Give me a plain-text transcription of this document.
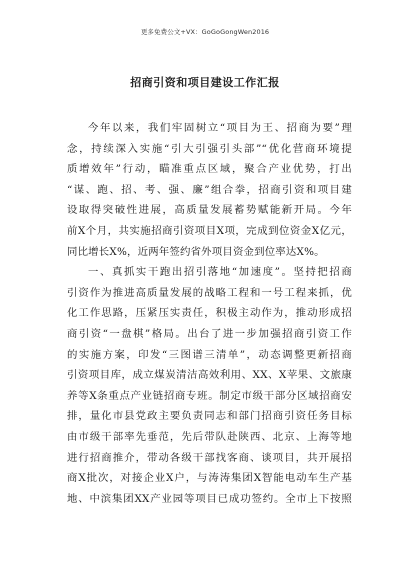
更多免费公文+VX：GoGoGongWen2016
招商引资和项目建设工作汇报
今年以来，我们牢固树立“项目为王、招商为要”理
念，持续深入实施“引大引强引头部”“优化营商环境提
质增效年”行动，瞄准重点区域，聚合产业优势，打出
“谋、跑、招、考、强、廉”组合拳，招商引资和项目建
设取得突破性进展，高质量发展蓄势赋能新开局。今年
前X个月，共实施招商引资项目X项，完成到位资金X亿元，
同比增长X%，近两年签约省外项目资金到位率达X%。
一、真抓实干跑出招引落地“加速度”。坚持把招商
引资作为推进高质量发展的战略工程和一号工程来抓，优
化工作思路，压紧压实责任，积极主动作为，推动形成招
商引资“一盘棋”格局。出台了进一步加强招商引资工作
的实施方案，印发“三图谱三清单”，动态调整更新招商
引资项目库，成立煤炭清洁高效利用、XX、X苹果、文旅康
养等X条重点产业链招商专班。制定市级干部分区域招商安
排，量化市县党政主要负责同志和部门招商引资任务目标
由市级干部率先垂范，先后带队赴陕西、北京、上海等地
进行招商推介，带动各级干部找客商、谈项目，共开展招
商X批次，对接企业X户，与涛涛集团X智能电动车生产基
地、中滨集团XX产业园等项目已成功签约。全市上下按照
